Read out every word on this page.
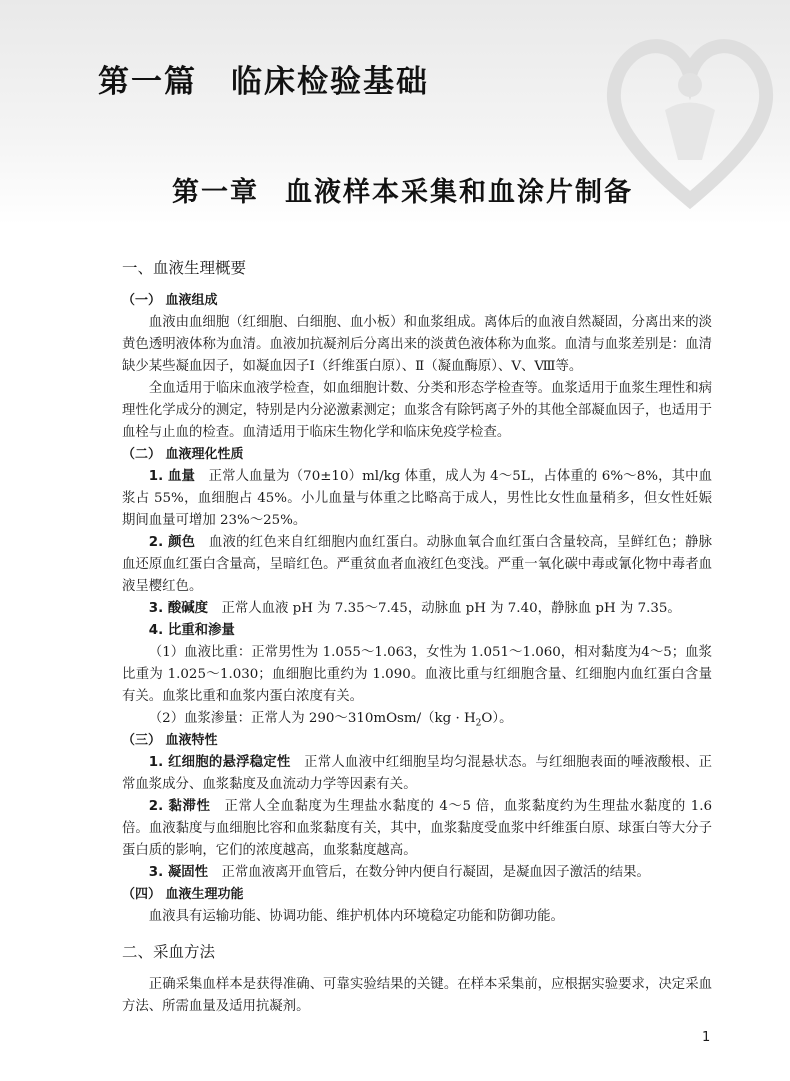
第一篇 临床检验基础
第一章 血液样本采集和血涂片制备
一、血液生理概要
（一） 血液组成

血液由血细胞（红细胞、白细胞、血小板）和血浆组成。离体后的血液自然凝固，分离出来的淡黄色透明液体称为血清。血液加抗凝剂后分离出来的淡黄色液体称为血浆。血清与血浆差别是：血清缺少某些凝血因子，如凝血因子Ⅰ（纤维蛋白原）、Ⅱ（凝血酶原）、Ⅴ、Ⅷ等。

全血适用于临床血液学检查，如血细胞计数、分类和形态学检查等。血浆适用于血浆生理性和病理性化学成分的测定，特别是内分泌激素测定；血浆含有除钙离子外的其他全部凝血因子，也适用于血栓与止血的检查。血清适用于临床生物化学和临床免疫学检查。

（二） 血液理化性质

1. 血量　 正常人血量为（70±10）ml/kg 体重，成人为 4～5L，占体重的 6%～8%，其中血浆占 55%，血细胞占 45%。小儿血量与体重之比略高于成人，男性比女性血量稍多，但女性妊娠期间血量可增加 23%～25%。

2. 颜色　 血液的红色来自红细胞内血红蛋白。动脉血氧合血红蛋白含量较高，呈鲜红色；静脉血还原血红蛋白含量高，呈暗红色。严重贫血者血液红色变浅。严重一氧化碳中毒或氰化物中毒者血液呈樱红色。

3. 酸碱度　 正常人血液 pH 为 7.35～7.45，动脉血 pH 为 7.40，静脉血 pH 为 7.35。

4. 比重和渗量

（1）血液比重：正常男性为 1.055～1.063，女性为 1.051～1.060，相对黏度为4～5；血浆比重为 1.025～1.030；血细胞比重约为 1.090。血液比重与红细胞含量、红细胞内血红蛋白含量有关。血浆比重和血浆内蛋白浓度有关。

（2）血浆渗量：正常人为 290～310mOsm/（kg · $H_2O$）。

（三） 血液特性

1. 红细胞的悬浮稳定性　 正常人血液中红细胞呈均匀混悬状态。与红细胞表面的唾液酸根、正常血浆成分、血浆黏度及血流动力学等因素有关。

2. 黏滞性　 正常人全血黏度为生理盐水黏度的 4～5 倍，血浆黏度约为生理盐水黏度的 1.6 倍。血液黏度与血细胞比容和血浆黏度有关，其中，血浆黏度受血浆中纤维蛋白原、球蛋白等大分子蛋白质的影响，它们的浓度越高，血浆黏度越高。

3. 凝固性　 正常血液离开血管后，在数分钟内便自行凝固，是凝血因子激活的结果。

（四） 血液生理功能

血液具有运输功能、协调功能、维护机体内环境稳定功能和防御功能。

二、采血方法

正确采集血样本是获得准确、可靠实验结果的关键。在样本采集前，应根据实验要求，决定采血方法、所需血量及适用抗凝剂。

1
